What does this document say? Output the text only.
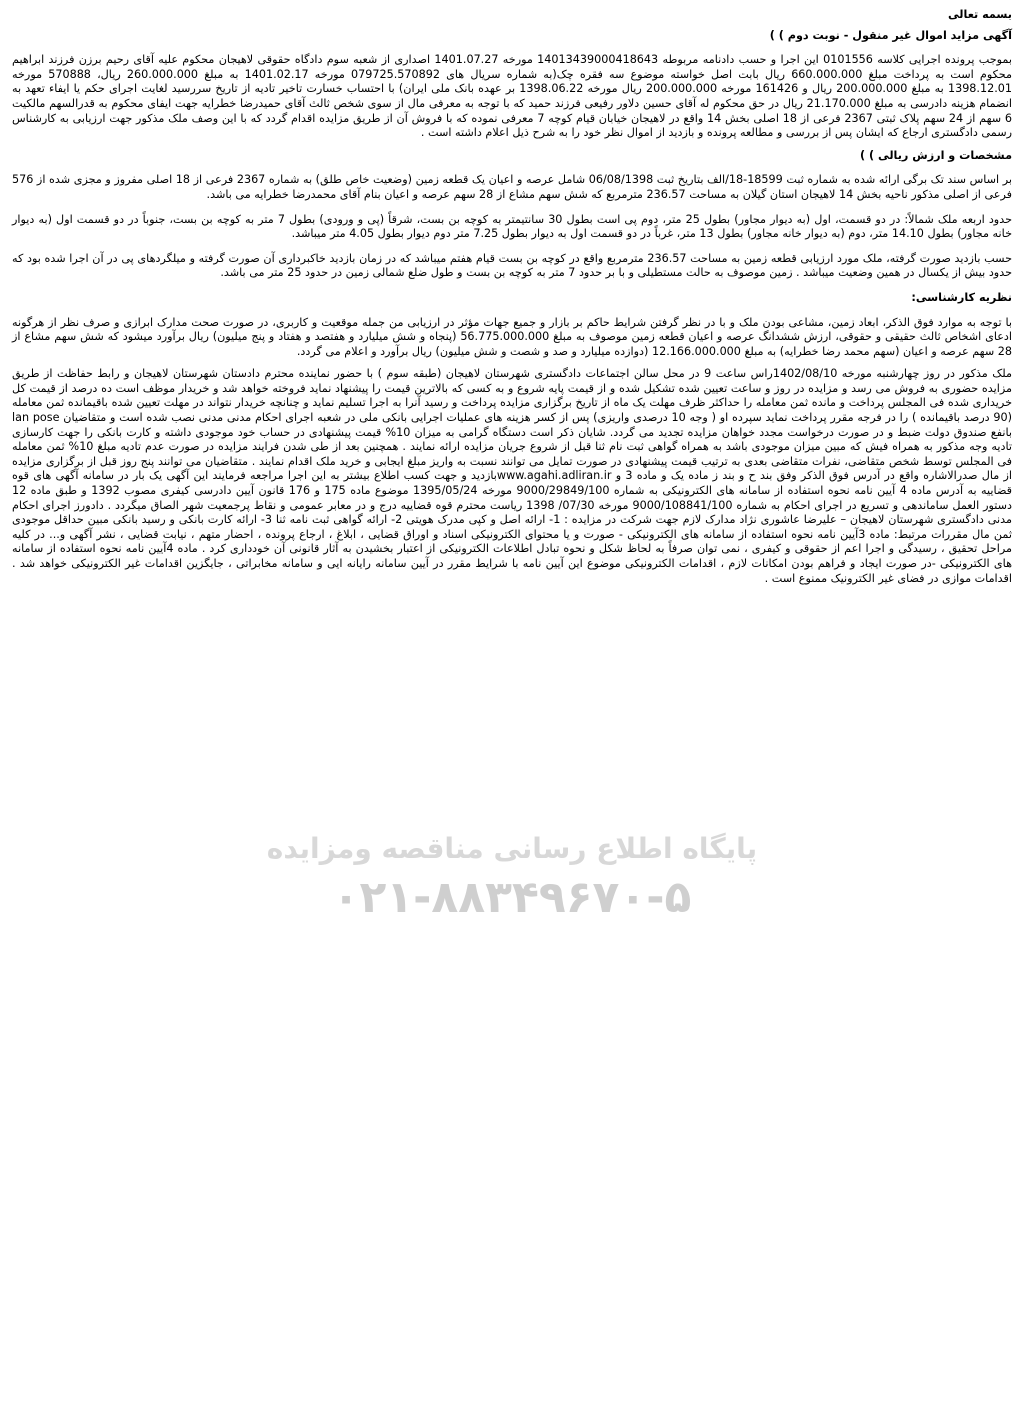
بسمه تعالی

آگهی مزاید اموال غیر منقول - نوبت دوم ) )

بموجب پرونده اجرایی کلاسه 0101556 این اجرا و حسب دادنامه مربوطه 14013439000418643 مورخه 1401.07.27 اصداری از شعبه سوم دادگاه حقوقی لاهیجان محکوم علیه آقای رحیم برزن فرزند ابراهیم محکوم است به پرداخت مبلغ 660.000.000 ریال بابت اصل خواسته موضوع سه فقره چک(به شماره سریال های 079725.570892 مورخه 1401.02.17 به مبلغ 260.000.000 ریال، 570888 مورخه 1398.12.01 به مبلغ 200.000.000 ریال و 161426 مورخه 200.000.000 ریال مورخه 1398.06.22 بر عهده بانک ملی ایران) با احتساب خسارت تاخیر تادیه از تاریخ سررسید لغایت اجرای حکم یا ایفاء تعهد به انضمام هزینه دادرسی به مبلغ 21.170.000 ریال در حق محکوم له آقای حسین دلاور رفیعی فرزند حمید که با توجه به معرفی مال از سوی شخص ثالث آقای حمیدرضا خطرایه جهت ایفای محکوم به قدرالسهم مالکیت 6 سهم از 24 سهم پلاک ثبتی 2367 فرعی از 18 اصلی بخش 14 واقع در لاهیجان خیابان قیام کوچه 7 معرفی نموده که با فروش آن از طریق مزایده اقدام گردد که با این وصف ملک مذکور جهت ارزیابی به کارشناس رسمی دادگستری ارجاع که ایشان پس از بررسی و مطالعه پرونده و بازدید از اموال نظر خود را به شرح ذیل اعلام داشته است .

مشخصات و ارزش ریالی ) )

بر اساس سند تک برگی ارائه شده به شماره ثبت 18599-18/الف بتاریخ ثبت 06/08/1398 شامل عرصه و اعیان یک قطعه زمین (وضعیت خاص طلق) به شماره 2367 فرعی از 18 اصلی مفروز و مجزی شده از 576 فرعی از اصلی مذکور ناحیه بخش 14 لاهیجان استان گیلان به مساحت 236.57 مترمربع که شش سهم مشاع از 28 سهم عرصه و اعیان بنام آقای محمدرضا خطرایه می باشد.

حدود اربعه ملک شمالاً: در دو قسمت، اول (به دیوار مجاور) بطول 25 متر، دوم پی است بطول 30 سانتیمتر به کوچه بن بست، شرقاً (پی و ورودی) بطول 7 متر به کوچه بن بست، جنوباً در دو قسمت اول (به دیوار خانه مجاور) بطول 14.10 متر، دوم (به دیوار خانه مجاور) بطول 13 متر، غرباً در دو قسمت اول به دیوار بطول 7.25 متر دوم دیوار بطول 4.05 متر میباشد.

حسب بازدید صورت گرفته، ملک مورد ارزیابی قطعه زمین به مساحت 236.57 مترمربع واقع در کوچه بن بست قیام هفتم میباشد که در زمان بازدید خاکبرداری آن صورت گرفته و میلگردهای پی در آن اجرا شده بود که حدود بیش از یکسال در همین وضعیت میباشد . زمین موصوف به حالت مستطیلی و با بر حدود 7 متر به کوچه بن بست و طول ضلع شمالی زمین در حدود 25 متر می باشد.

نظریه کارشناسی:

با توجه به موارد فوق الذکر، ابعاد زمین، مشاعی بودن ملک و با در نظر گرفتن شرایط حاکم بر بازار و جمیع جهات مؤثر در ارزیابی من جمله موقعیت و کاربری، در صورت صحت مدارک ابرازی و صرف نظر از هرگونه ادعای اشخاص ثالث حقیقی و حقوقی، ارزش ششدانگ عرصه و اعیان قطعه زمین موصوف به مبلغ 56.775.000.000 (پنجاه و شش میلیارد و هفتصد و هفتاد و پنج میلیون) ریال برآورد میشود که شش سهم مشاع از 28 سهم عرصه و اعیان (سهم محمد رضا خطرایه) به مبلغ 12.166.000.000 (دوازده میلیارد و صد و شصت و شش میلیون) ریال برآورد و اعلام می گردد.

ملک مذکور در روز چهارشنبه مورخه 1402/08/10راس ساعت 9 در محل سالن اجتماعات دادگستری شهرستان لاهیجان (طبقه سوم ) با حضور نماینده محترم دادستان شهرستان لاهیجان و رابط حفاظت از طریق مزایده حضوری به فروش می رسد و مزایده در روز و ساعت تعیین شده تشکیل شده و از قیمت پایه شروع و به کسی که بالاترین قیمت را پیشنهاد نماید فروخته خواهد شد و خریدار موظف است ده درصد از قیمت کل خریداری شده فی المجلس پرداخت و مانده ثمن معامله را حداکثر ظرف مهلت یک ماه از تاریخ برگزاری مزایده پرداخت و رسید آنرا به اجرا تسلیم نماید و چنانچه خریدار نتواند در مهلت تعیین شده باقیمانده ثمن معامله (90 درصد باقیمانده ) را در فرجه مقرر پرداخت نماید سپرده او ( وجه 10 درصدی واریزی) پس از کسر هزینه های عملیات اجرایی بانکی ملی در شعبه اجرای احکام مدنی مدنی نصب شده است و متقاضیان lan pose بانفع صندوق دولت ضبط و در صورت درخواست مجدد خواهان مزایده تجدید می گردد. شایان ذکر است دستگاه گرامی به میزان 10% قیمت پیشنهادی در حساب خود موجودی داشته و کارت بانکی را جهت کارسازی تادیه وجه مذکور به همراه فیش که مبین میزان موجودی باشد به همراه گواهی ثبت نام ثنا قبل از شروع جریان مزایده ارائه نمایند . همچنین بعد از طی شدن فرایند مزایده در صورت عدم تادیه مبلغ 10% ثمن معامله فی المجلس توسط شخص متقاضی، نفرات متقاضی بعدی به ترتیب قیمت پیشنهادی در صورت تمایل می توانند نسبت به واریز مبلغ ایجابی و خرید ملک اقدام نمایند . متقاضیان می توانند پنج روز قبل از برگزاری مزایده از مال صدرالاشاره واقع در آدرس فوق الذکر وفق بند ح و بند ز ماده یک و ماده 3 و www.agahi.adliran.irبازدید و جهت کسب اطلاع بیشتر به این اجرا مراجعه فرمایند این آگهی یک بار در سامانه آگهی های قوه قضاییه به آدرس ماده 4 آیین نامه نحوه استفاده از سامانه های الکترونیکی به شماره 9000/29849/100 مورخه 1395/05/24 موضوع ماده 175 و 176 قانون آیین دادرسی کیفری مصوب 1392 و طبق ماده 12 دستور العمل ساماندهی و تسریع در اجرای احکام به شماره 9000/108841/100 مورخه 07/30/ 1398 ریاست محترم قوه قضاییه درج و در معابر عمومی و نقاط پرجمعیت شهر الصاق میگردد . دادورز اجرای احکام مدنی دادگستری شهرستان لاهیجان – علیرضا عاشوری نژاد مدارک لازم جهت شرکت در مزایده : 1- ارائه اصل و کپی مدرک هویتی 2- ارائه گواهی ثبت نامه ثنا 3- ارائه کارت بانکی و رسید بانکی مبین حداقل موجودی ثمن مال مقررات مرتبط: ماده 3آیین نامه نحوه استفاده از سامانه های الکترونیکی - صورت و یا محتوای الکترونیکی اسناد و اوراق قضایی ، ابلاغ ، ارجاع پرونده ، احضار متهم ، نیابت قضایی ، نشر آگهی و... در کلیه مراحل تحقیق ، رسیدگی و اجرا اعم از حقوقی و کیفری ، نمی توان صرفاً به لحاظ شکل و نحوه تبادل اطلاعات الکترونیکی از اعتبار بخشیدن به آثار قانونی آن خودداری کرد . ماده 4آیین نامه نحوه استفاده از سامانه های الکترونیکی -در صورت ایجاد و فراهم بودن امکانات لازم ، اقدامات الکترونیکی موضوع این آیین نامه با شرایط مقرر در آیین سامانه رایانه ایی و سامانه مخابراتی ، جایگزین اقدامات غیر الکترونیکی خواهد شد . اقدامات موازی در فضای غیر الکترونیک ممنوع است .

پایگاه اطلاع رسانی مناقصه ومزایده
۰۲۱-۸۸۳۴۹۶۷۰-۵
